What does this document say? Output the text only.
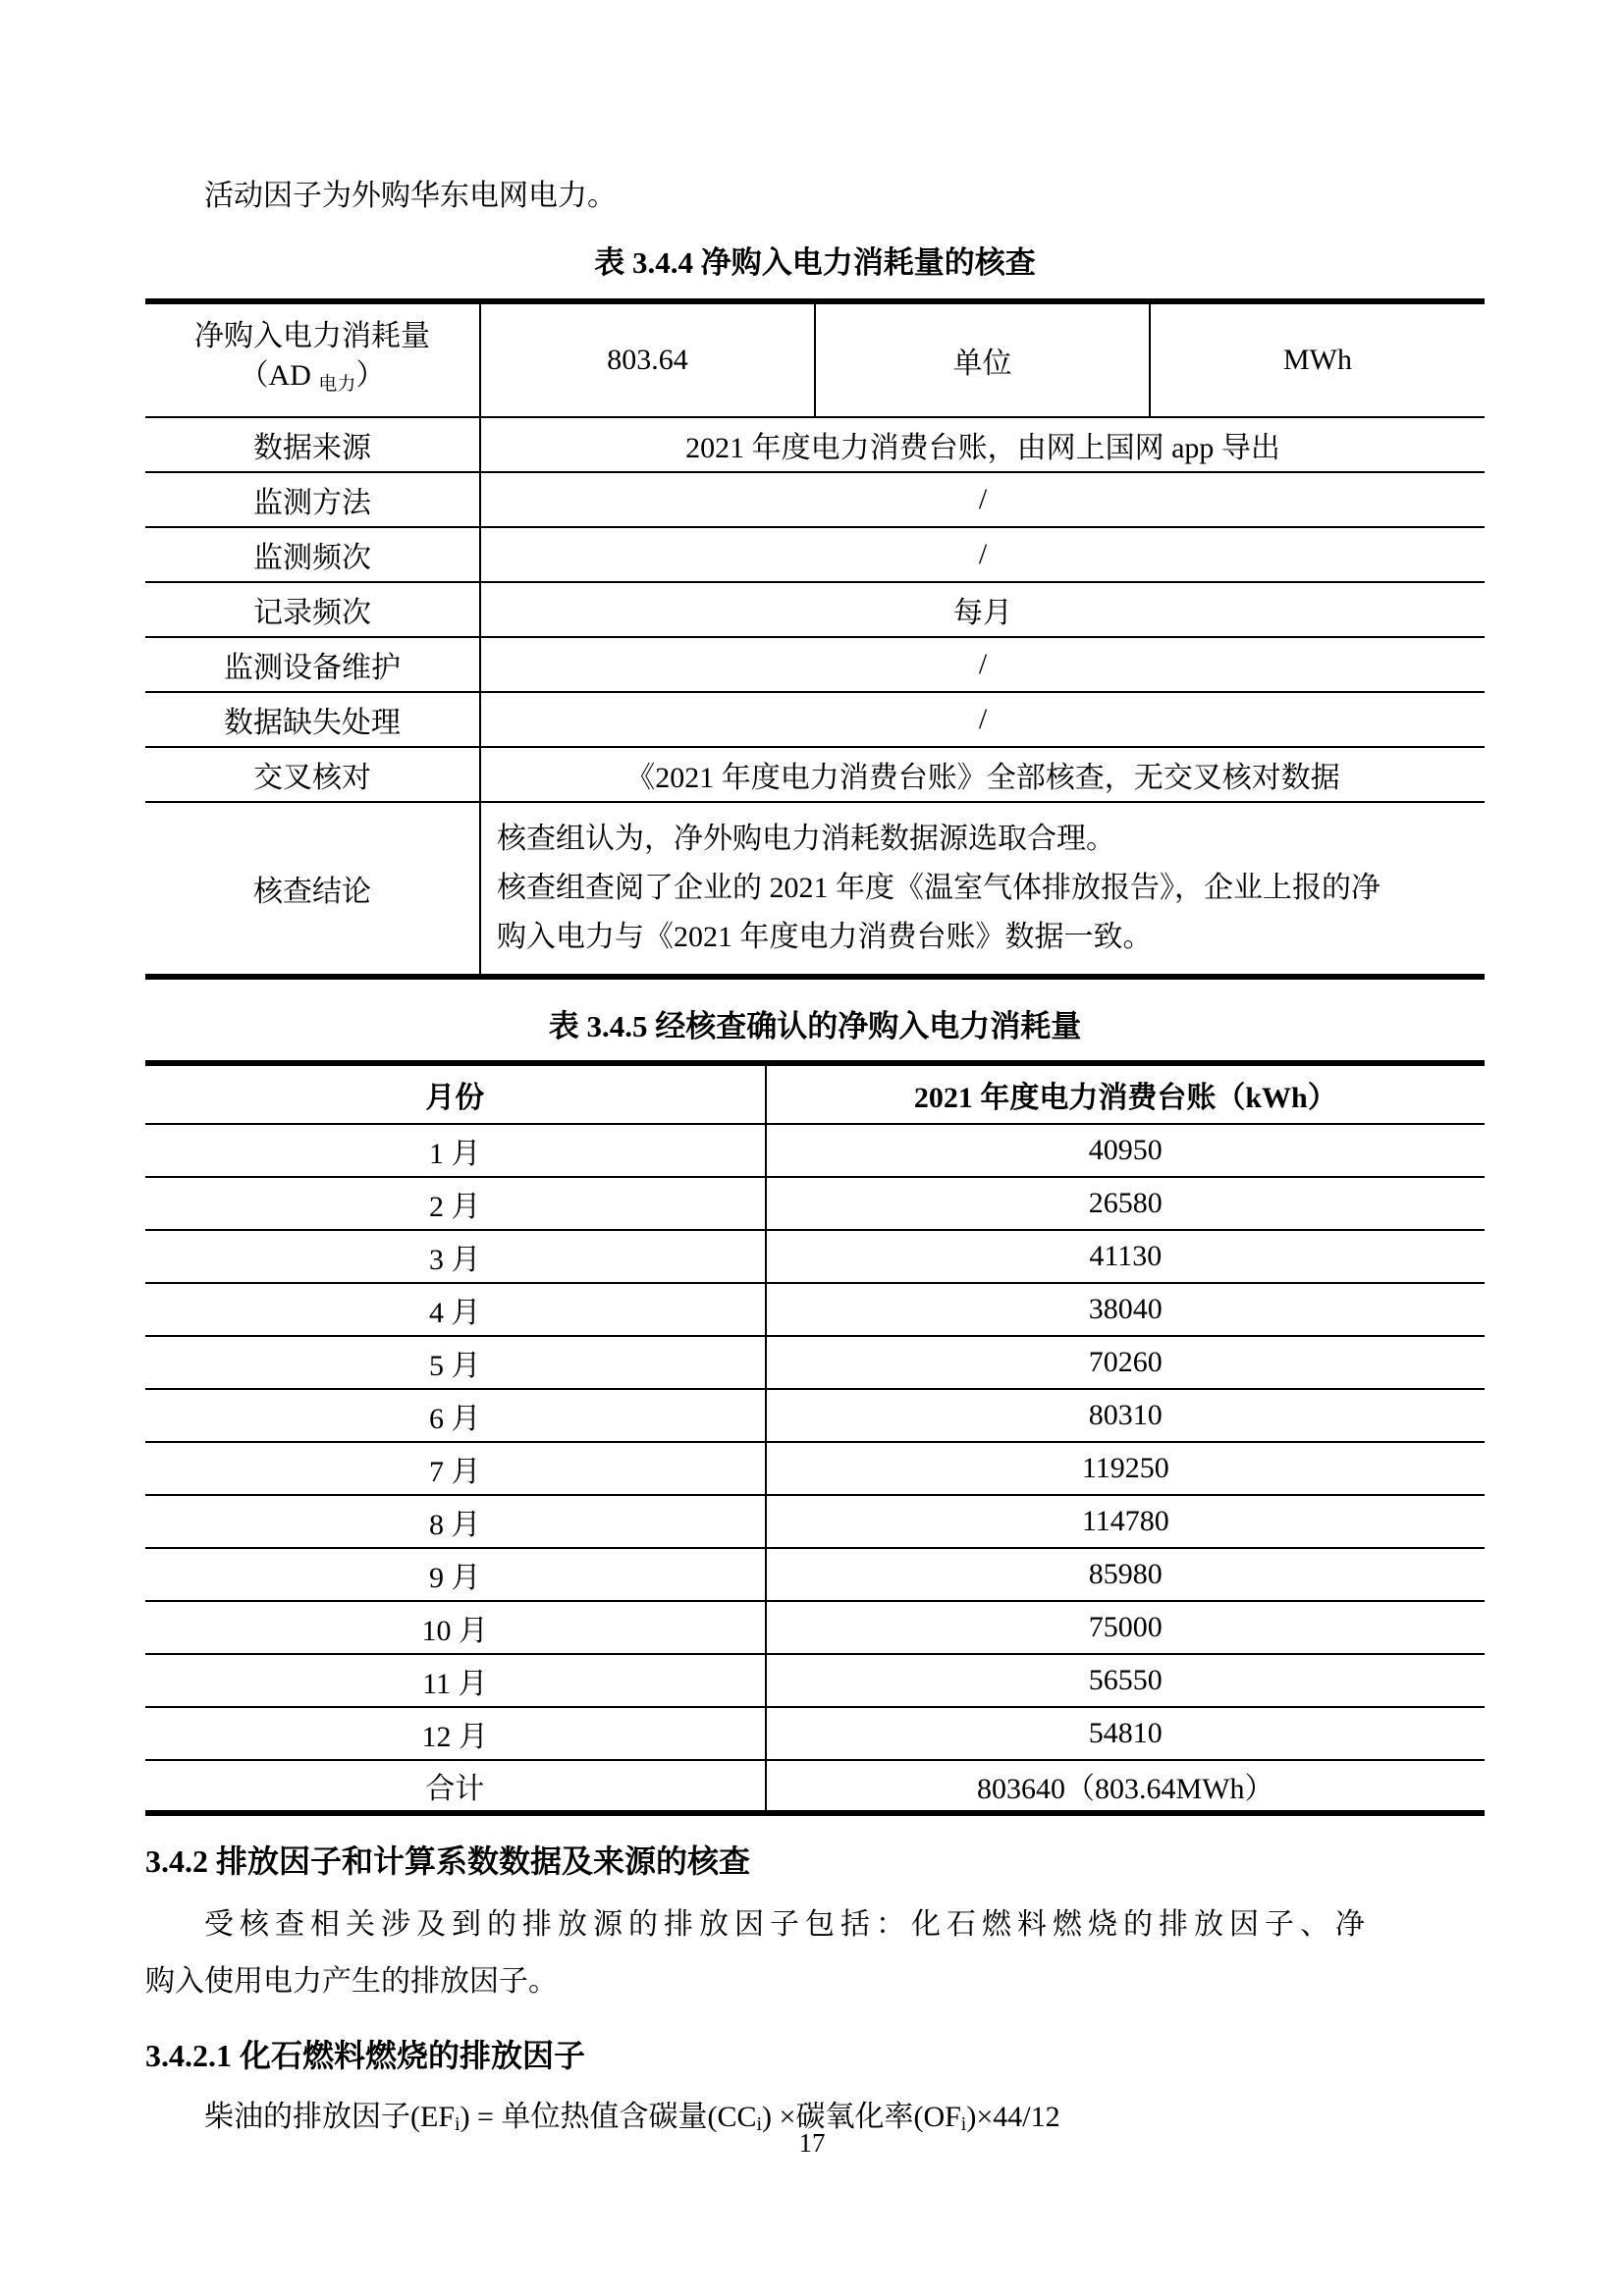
活动因子为外购华东电网电力。

表 3.4.4 净购入电力消耗量的核查
净购入电力消耗量
（AD $_{电力}$）	803.64	单位	MWh
数据来源	2021 年度电力消费台账，由网上国网 app 导出		
监测方法	/		
监测频次	/		
记录频次	每月		
监测设备维护	/		
数据缺失处理	/		
交叉核对	《2021 年度电力消费台账》全部核查，无交叉核对数据		
核查结论	核查组认为，净外购电力消耗数据源选取合理。
核查组查阅了企业的 2021 年度《温室气体排放报告》，企业上报的净
购入电力与《2021 年度电力消费台账》数据一致。		
表 3.4.5 经核查确认的净购入电力消耗量
月份	2021 年度电力消费台账（kWh）
1 月	40950
2 月	26580
3 月	41130
4 月	38040
5 月	70260
6 月	80310
7 月	119250
8 月	114780
9 月	85980
10 月	75000
11 月	56550
12 月	54810
合计	803640（803.64MWh）
3.4.2 排放因子和计算系数数据及来源的核查
受核查相关涉及到的排放源的排放因子包括：化石燃料燃烧的排放因子、净
购入使用电力产生的排放因子。
3.4.2.1 化石燃料燃烧的排放因子
柴油的排放因子(EFi) = 单位热值含碳量(CCi) ×碳氧化率(OFi)×44/12
17
